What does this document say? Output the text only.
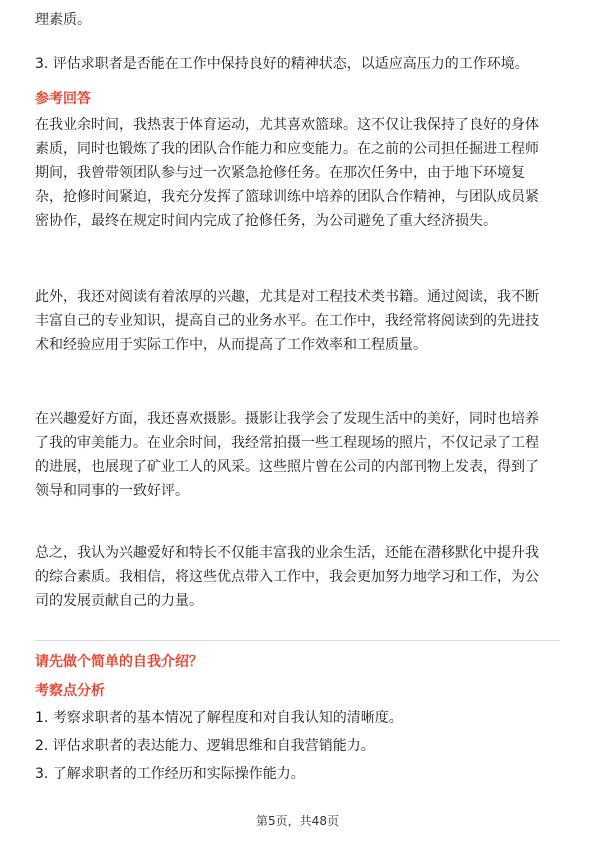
理素质。
3. 评估求职者是否能在工作中保持良好的精神状态，以适应高压力的工作环境。
参考回答
在我业余时间，我热衷于体育运动，尤其喜欢篮球。这不仅让我保持了良好的身体
素质，同时也锻炼了我的团队合作能力和应变能力。在之前的公司担任掘进工程师
期间，我曾带领团队参与过一次紧急抢修任务。在那次任务中，由于地下环境复
杂，抢修时间紧迫，我充分发挥了篮球训练中培养的团队合作精神，与团队成员紧
密协作，最终在规定时间内完成了抢修任务，为公司避免了重大经济损失。
此外，我还对阅读有着浓厚的兴趣，尤其是对工程技术类书籍。通过阅读，我不断
丰富自己的专业知识，提高自己的业务水平。在工作中，我经常将阅读到的先进技
术和经验应用于实际工作中，从而提高了工作效率和工程质量。
在兴趣爱好方面，我还喜欢摄影。摄影让我学会了发现生活中的美好，同时也培养
了我的审美能力。在业余时间，我经常拍摄一些工程现场的照片，不仅记录了工程
的进展，也展现了矿业工人的风采。这些照片曾在公司的内部刊物上发表，得到了
领导和同事的一致好评。
总之，我认为兴趣爱好和特长不仅能丰富我的业余生活，还能在潜移默化中提升我
的综合素质。我相信，将这些优点带入工作中，我会更加努力地学习和工作，为公
司的发展贡献自己的力量。
请先做个简单的自我介绍？
考察点分析
1. 考察求职者的基本情况了解程度和对自我认知的清晰度。
2. 评估求职者的表达能力、逻辑思维和自我营销能力。
3. 了解求职者的工作经历和实际操作能力。
第5页，共48页
